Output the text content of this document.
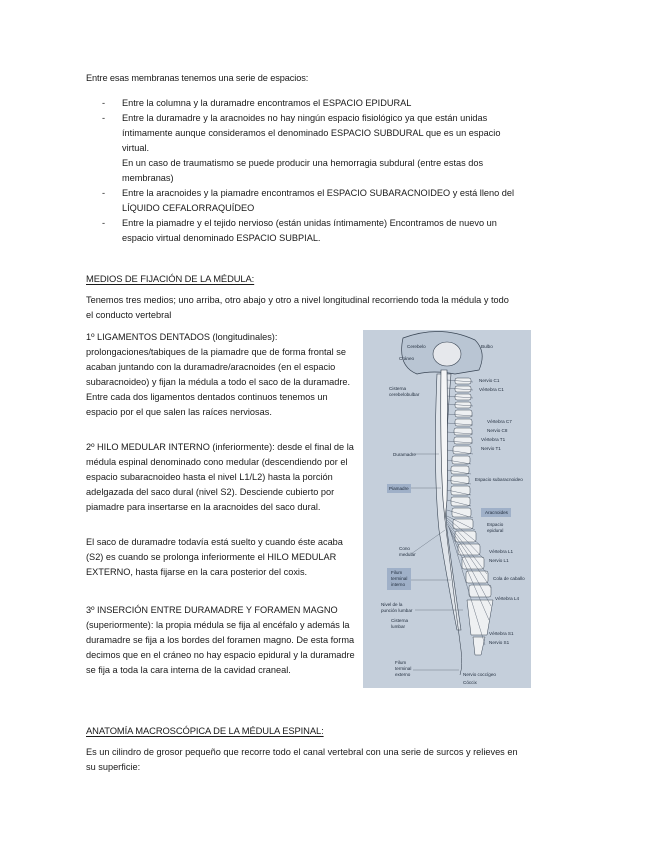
Entre esas membranas tenemos una serie de espacios:
- Entre la columna y la duramadre encontramos el ESPACIO EPIDURAL
- Entre la duramadre y la aracnoides no hay ningún espacio fisiológico ya que están unidas íntimamente aunque consideramos el denominado ESPACIO SUBDURAL que es un espacio virtual.
En un caso de traumatismo se puede producir una hemorragia subdural (entre estas dos membranas)
- Entre la aracnoides y la piamadre encontramos el ESPACIO SUBARACNOIDEO y está lleno del LÍQUIDO CEFALORRAQUÍDEO
- Entre la piamadre y el tejido nervioso (están unidas íntimamente) Encontramos de nuevo un espacio virtual denominado ESPACIO SUBPIAL.
MEDIOS DE FIJACIÓN DE LA MÉDULA:
Tenemos tres medios; uno arriba, otro abajo y otro a nivel longitudinal recorriendo toda la médula y todo el conducto vertebral
1º LIGAMENTOS DENTADOS (longitudinales): prolongaciones/tabiques de la piamadre que de forma frontal se acaban juntando con la duramadre/aracnoides (en el espacio subaracnoideo) y fijan la médula a todo el saco de la duramadre. Entre cada dos ligamentos dentados continuos tenemos un espacio por el que salen las raíces nerviosas.
2º HILO MEDULAR INTERNO (inferiormente): desde el final de la médula espinal denominado cono medular (descendiendo por el espacio subaracnoideo hasta el nivel L1/L2) hasta la porción adelgazada del saco dural (nivel S2). Desciende cubierto por piamadre para insertarse en la aracnoides del saco dural.
El saco de duramadre todavía está suelto y cuando éste acaba (S2) es cuando se prolonga inferiormente el HILO MEDULAR EXTERNO, hasta fijarse en la cara posterior del coxis.
3º INSERCIÓN ENTRE DURAMADRE Y FORAMEN MAGNO (superiormente): la propia médula se fija al encéfalo y además la duramadre se fija a los bordes del foramen magno. De esta forma decimos que en el cráneo no hay espacio epidural y la duramadre se fija a toda la cara interna de la cavidad craneal.
ANATOMÍA MACROSCÓPICA DE LA MÉDULA ESPINAL:
Es un cilindro de grosor pequeño que recorre todo el canal vertebral con una serie de surcos y relieves en su superficie:
Cerebelo
Cráneo
Bulbo
Cisterna
cerebelobulbar
Nervio C1
Vértebra C1
Vértebra C7
Nervio C8
Vértebra T1
Nervio T1
Duramadre
Espacio subaracnoideo
Piamadre
Aracnoides
Espacio
epidural
Cono
medular
Vértebra L1
Nervio L1
Filum
terminal
interno
Cola de caballo
Vértebra L4
Nivel de la
punción lumbar
Cisterna
lumbar
Vértebra S1
Nervio S1
Filum
terminal
externo	Nervio coccígeo
Cóccix
